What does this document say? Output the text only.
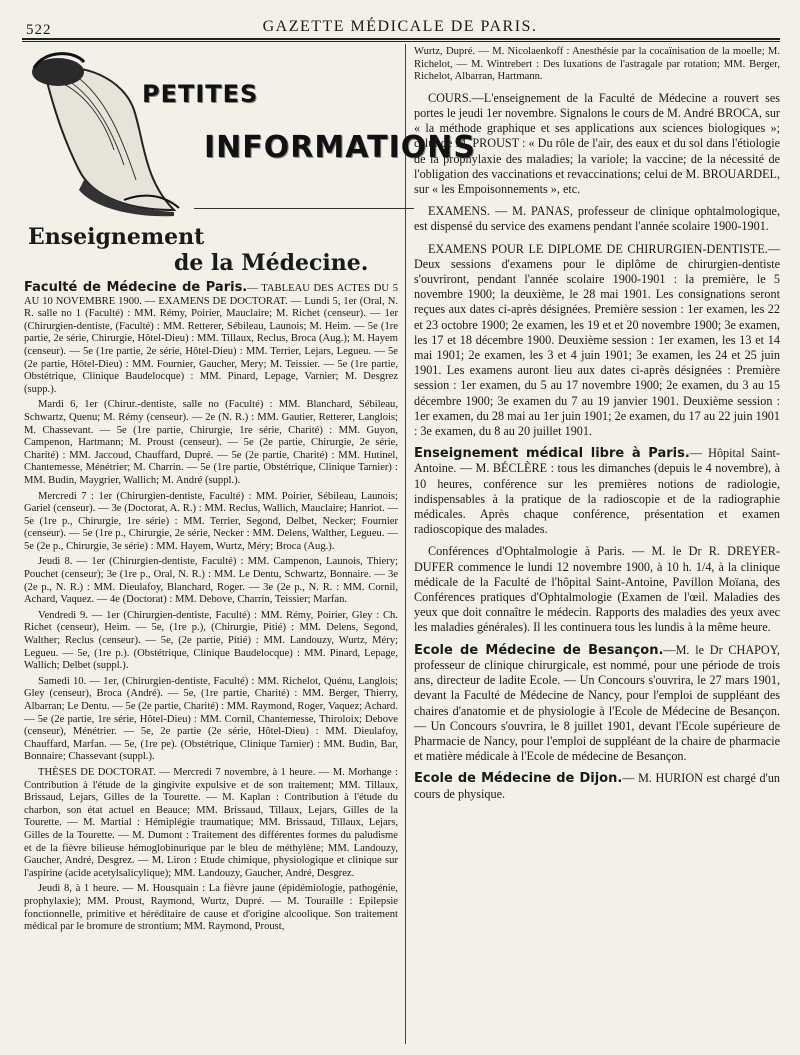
522	GAZETTE MÉDICALE DE PARIS.
PETITES
INFORMATIONS
Enseignement
de la Médecine.

Faculté de Médecine de Paris.— TABLEAU DES ACTES DU 5 AU 10 NOVEMBRE 1900. — EXAMENS DE DOCTORAT. — Lundi 5, 1er (Oral, N. R. salle no 1 (Faculté) : MM. Rémy, Poirier, Mauclaire; M. Richet (censeur). — 1er (Chirurgien-dentiste, (Faculté) : MM. Retterer, Sébileau, Launois; M. Heim. — 5e (1re partie, 2e série, Chirurgie, Hôtel-Dieu) : MM. Tillaux, Reclus, Broca (Aug.); M. Hayem (censeur). — 5e (1re partie, 2e série, Hôtel-Dieu) : MM. Terrier, Lejars, Legueu. — 5e (2e partie, Hôtel-Dieu) : MM. Fournier, Gaucher, Mery; M. Teissier. — 5e (1re partie, Obstétrique, Clinique Baudelocque) : MM. Pinard, Lepage, Varnier; M. Desgrez (supp.).

Mardi 6, 1er (Chirur.-dentiste, salle no (Faculté) : MM. Blanchard, Sébileau, Schwartz, Quenu; M. Rémy (censeur). — 2e (N. R.) : MM. Gautier, Retterer, Langlois; M. Chassevant. — 5e (1re partie, Chirurgie, 1re série, Charité) : MM. Guyon, Campenon, Hartmann; M. Proust (censeur). — 5e (2e partie, Chirurgie, 2e série, Charité) : MM. Jaccoud, Chauffard, Dupré. — 5e (2e partie, Charité) : MM. Hutinel, Chantemesse, Ménétrier; M. Charrin. — 5e (1re partie, Obstétrique, Clinique Tarnier) : MM. Budin, Maygrier, Wallich; M. André (suppl.).

Mercredi 7 : 1er (Chirurgien-dentiste, Faculté) : MM. Poirier, Sébileau, Launois; Gariel (censeur). — 3e (Doctorat, A. R.) : MM. Reclus, Wallich, Mauclaire; Hanriot. — 5e (1re p., Chirurgie, 1re série) : MM. Terrier, Segond, Delbet, Necker; Fournier (censeur). — 5e (1re p., Chirurgie, 2e série, Necker : MM. Delens, Walther, Legueu. — 5e (2e p., Chirurgie, 3e série) : MM. Hayem, Wurtz, Méry; Broca (Aug.).

Jeudi 8. — 1er (Chirurgien-dentiste, Faculté) : MM. Campenon, Launois, Thiery; Pouchet (censeur); 3e (1re p., Oral, N. R.) : MM. Le Dentu, Schwartz, Bonnaire. — 3e (2e p., N. R.) : MM. Dieulafoy, Blanchard, Roger. — 3e (2e p., N. R. : MM. Cornil, Achard, Vaquez. — 4e (Doctorat) : MM. Debove, Charrin, Teissier; Marfan.

Vendredi 9. — 1er (Chirurgien-dentiste, Faculté) : MM. Rémy, Poirier, Gley : Ch. Richet (censeur), Heim. — 5e, (1re p.), (Chirurgie, Pitié) : MM. Delens, Segond, Walther; Reclus (censeur). — 5e, (2e partie, Pitié) : MM. Landouzy, Wurtz, Méry; Legueu. — 5e, (1re p.). (Obstétrique, Clinique Baudelocque) : MM. Pinard, Lepage, Wallich; Delbet (suppl.).

Samedi 10. — 1er, (Chirurgien-dentiste, Faculté) : MM. Richelot, Quénu, Langlois; Gley (censeur), Broca (André). — 5e, (1re partie, Charité) : MM. Berger, Thierry, Albarran; Le Dentu. — 5e (2e partie, Charité) : MM. Raymond, Roger, Vaquez; Achard. — 5e (2e partie, 1re série, Hôtel-Dieu) : MM. Cornil, Chantemesse, Thiroloix; Debove (censeur), Ménétrier. — 5e, 2e partie (2e série, Hôtel-Dieu) : MM. Dieulafoy, Chauffard, Marfan. — 5e, (1re pe). (Obstétrique, Clinique Tarnier) : MM. Budin, Bar, Bonnaire; Chassevant (suppl.).

THÈSES DE DOCTORAT. — Mercredi 7 novembre, à 1 heure. — M. Morhange : Contribution à l'étude de la gingivite expulsive et de son traitement; MM. Tillaux, Brissaud, Lejars, Gilles de la Tourette. — M. Kaplan : Contribution à l'étude du charbon, son état actuel en Beauce; MM. Brissaud, Tillaux, Lejars, Gilles de la Tourette. — M. Martial : Hémiplégie traumatique; MM. Brissaud, Tillaux, Lejars, Gilles de la Tourette. — M. Dumont : Traitement des différentes formes du paludisme et de la fièvre bilieuse hémoglobinurique par le bleu de méthylène; MM. Landouzy, Gaucher, André, Desgrez. — M. Liron : Etude chimique, physiologique et clinique sur l'aspirine (acide acetylsalicylique); MM. Landouzy, Gaucher, André, Desgrez.

Jeudi 8, à 1 heure. — M. Housquain : La fièvre jaune (épidémiologie, pathogénie, prophylaxie); MM. Proust, Raymond, Wurtz, Dupré. — M. Touraille : Epilepsie fonctionnelle, primitive et héréditaire de cause et d'origine alcoolique. Son traitement médical par le bromure de strontium; MM. Raymond, Proust,

Wurtz, Dupré. — M. Nicolaenkoff : Anesthésie par la cocaïnisation de la moelle; M. Richelot, — M. Wintrebert : Des luxations de l'astragale par rotation; MM. Berger, Richelot, Albarran, Hartmann.

COURS.—L'enseignement de la Faculté de Médecine a rouvert ses portes le jeudi 1er novembre. Signalons le cours de M. André BROCA, sur « la méthode graphique et ses applications aux sciences biologiques »; celui de M. PROUST : « Du rôle de l'air, des eaux et du sol dans l'étiologie de la prophylaxie des maladies; la variole; la vaccine; de la nécessité de l'obligation des vaccinations et revaccinations; celui de M. BROUARDEL, sur « les Empoisonnements », etc.

EXAMENS. — M. PANAS, professeur de clinique ophtalmologique, est dispensé du service des examens pendant l'année scolaire 1900-1901.

EXAMENS POUR LE DIPLOME DE CHIRURGIEN-DENTISTE.— Deux sessions d'examens pour le diplôme de chirurgien-dentiste s'ouvriront, pendant l'année scolaire 1900-1901 : la première, le 5 novembre 1900; la deuxième, le 28 mai 1901. Les consignations seront reçues aux dates ci-après désignées. Première session : 1er examen, les 22 et 23 octobre 1900; 2e examen, les 19 et et 20 novembre 1900; 3e examen, les 17 et 18 décembre 1900. Deuxième session : 1er examen, les 13 et 14 mai 1901; 2e examen, les 3 et 4 juin 1901; 3e examen, les 24 et 25 juin 1901. Les examens auront lieu aux dates ci-après désignées : Première session : 1er examen, du 5 au 17 novembre 1900; 2e examen, du 3 au 15 décembre 1900; 3e examen du 7 au 19 janvier 1901. Deuxième session : 1er examen, du 28 mai au 1er juin 1901; 2e examen, du 17 au 22 juin 1901 : 3e examen, du 8 au 20 juillet 1901.

Enseignement médical libre à Paris.— Hôpital Saint-Antoine. — M. BÉCLÈRE : tous les dimanches (depuis le 4 novembre), à 10 heures, conférence sur les premières notions de radiologie, indispensables à la pratique de la radioscopie et de la radiographie médicales. Après chaque conférence, présentation et examen radioscopique des malades.

Conférences d'Ophtalmologie à Paris. — M. le Dr R. DREYER-DUFER commence le lundi 12 novembre 1900, à 10 h. 1/4, à la clinique médicale de la Faculté de l'hôpital Saint-Antoine, Pavillon Moïana, des Conférences pratiques d'Ophtalmologie (Examen de l'œil. Maladies des yeux que doit connaître le médecin. Rapports des maladies des yeux avec les maladies générales). Il les continuera tous les lundis à la même heure.

Ecole de Médecine de Besançon.—M. le Dr CHAPOY, professeur de clinique chirurgicale, est nommé, pour une période de trois ans, directeur de ladite Ecole. — Un Concours s'ouvrira, le 27 mars 1901, devant la Faculté de Médecine de Nancy, pour l'emploi de suppléant des chaires d'anatomie et de physiologie à l'Ecole de Médecine de Besançon. — Un Concours s'ouvrira, le 8 juillet 1901, devant l'Ecole supérieure de Pharmacie de Nancy, pour l'emploi de suppléant de la chaire de pharmacie et matière médicale à l'Ecole de médecine de Besançon.

Ecole de Médecine de Dijon.— M. HURION est chargé d'un cours de physique.
